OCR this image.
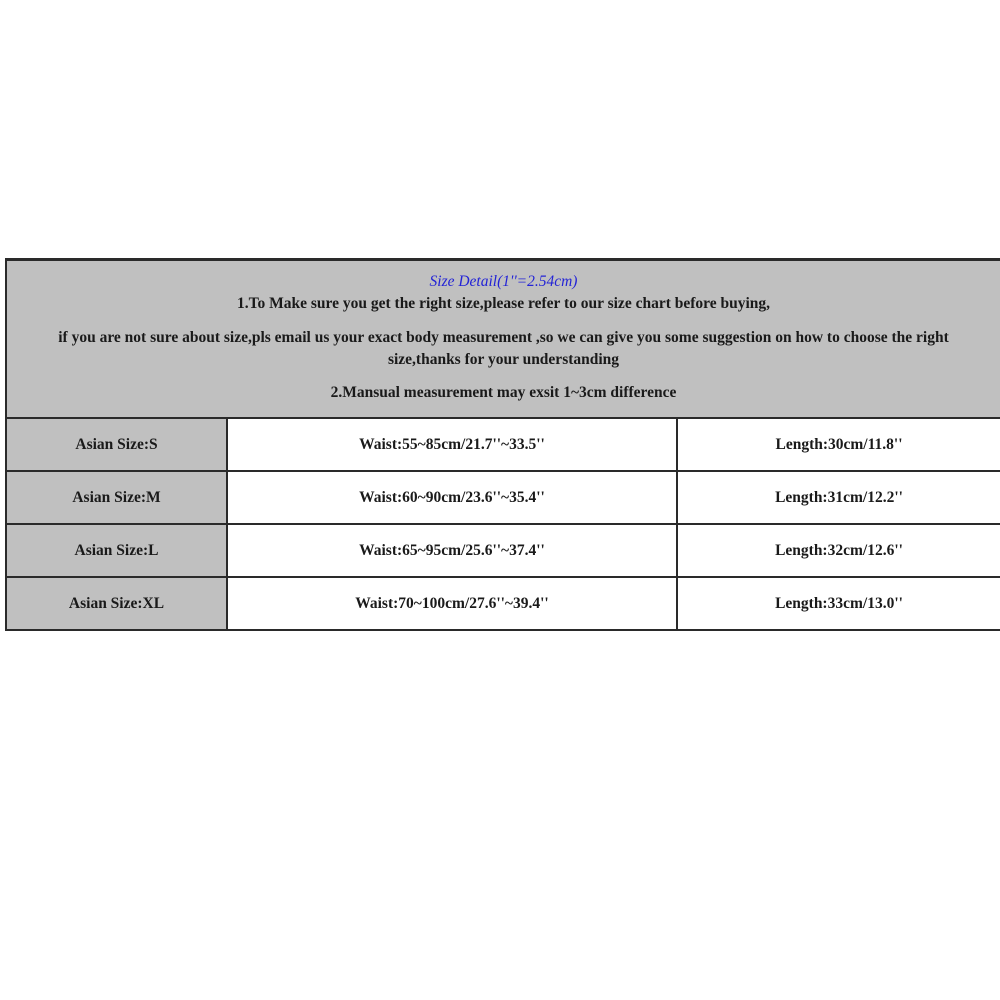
Size Detail(1''=2.54cm)
1.To Make sure you get the right size,please refer to our size chart before buying,
if you are not sure about size,pls email us your exact body measurement ,so we can give you some suggestion on how to choose the right size,thanks for your understanding
2.Mansual measurement may exsit 1~3cm difference
Asian Size:S	Waist:55~85cm/21.7''~33.5''	Length:30cm/11.8''
Asian Size:M	Waist:60~90cm/23.6''~35.4''	Length:31cm/12.2''
Asian Size:L	Waist:65~95cm/25.6''~37.4''	Length:32cm/12.6''
Asian Size:XL	Waist:70~100cm/27.6''~39.4''	Length:33cm/13.0''
